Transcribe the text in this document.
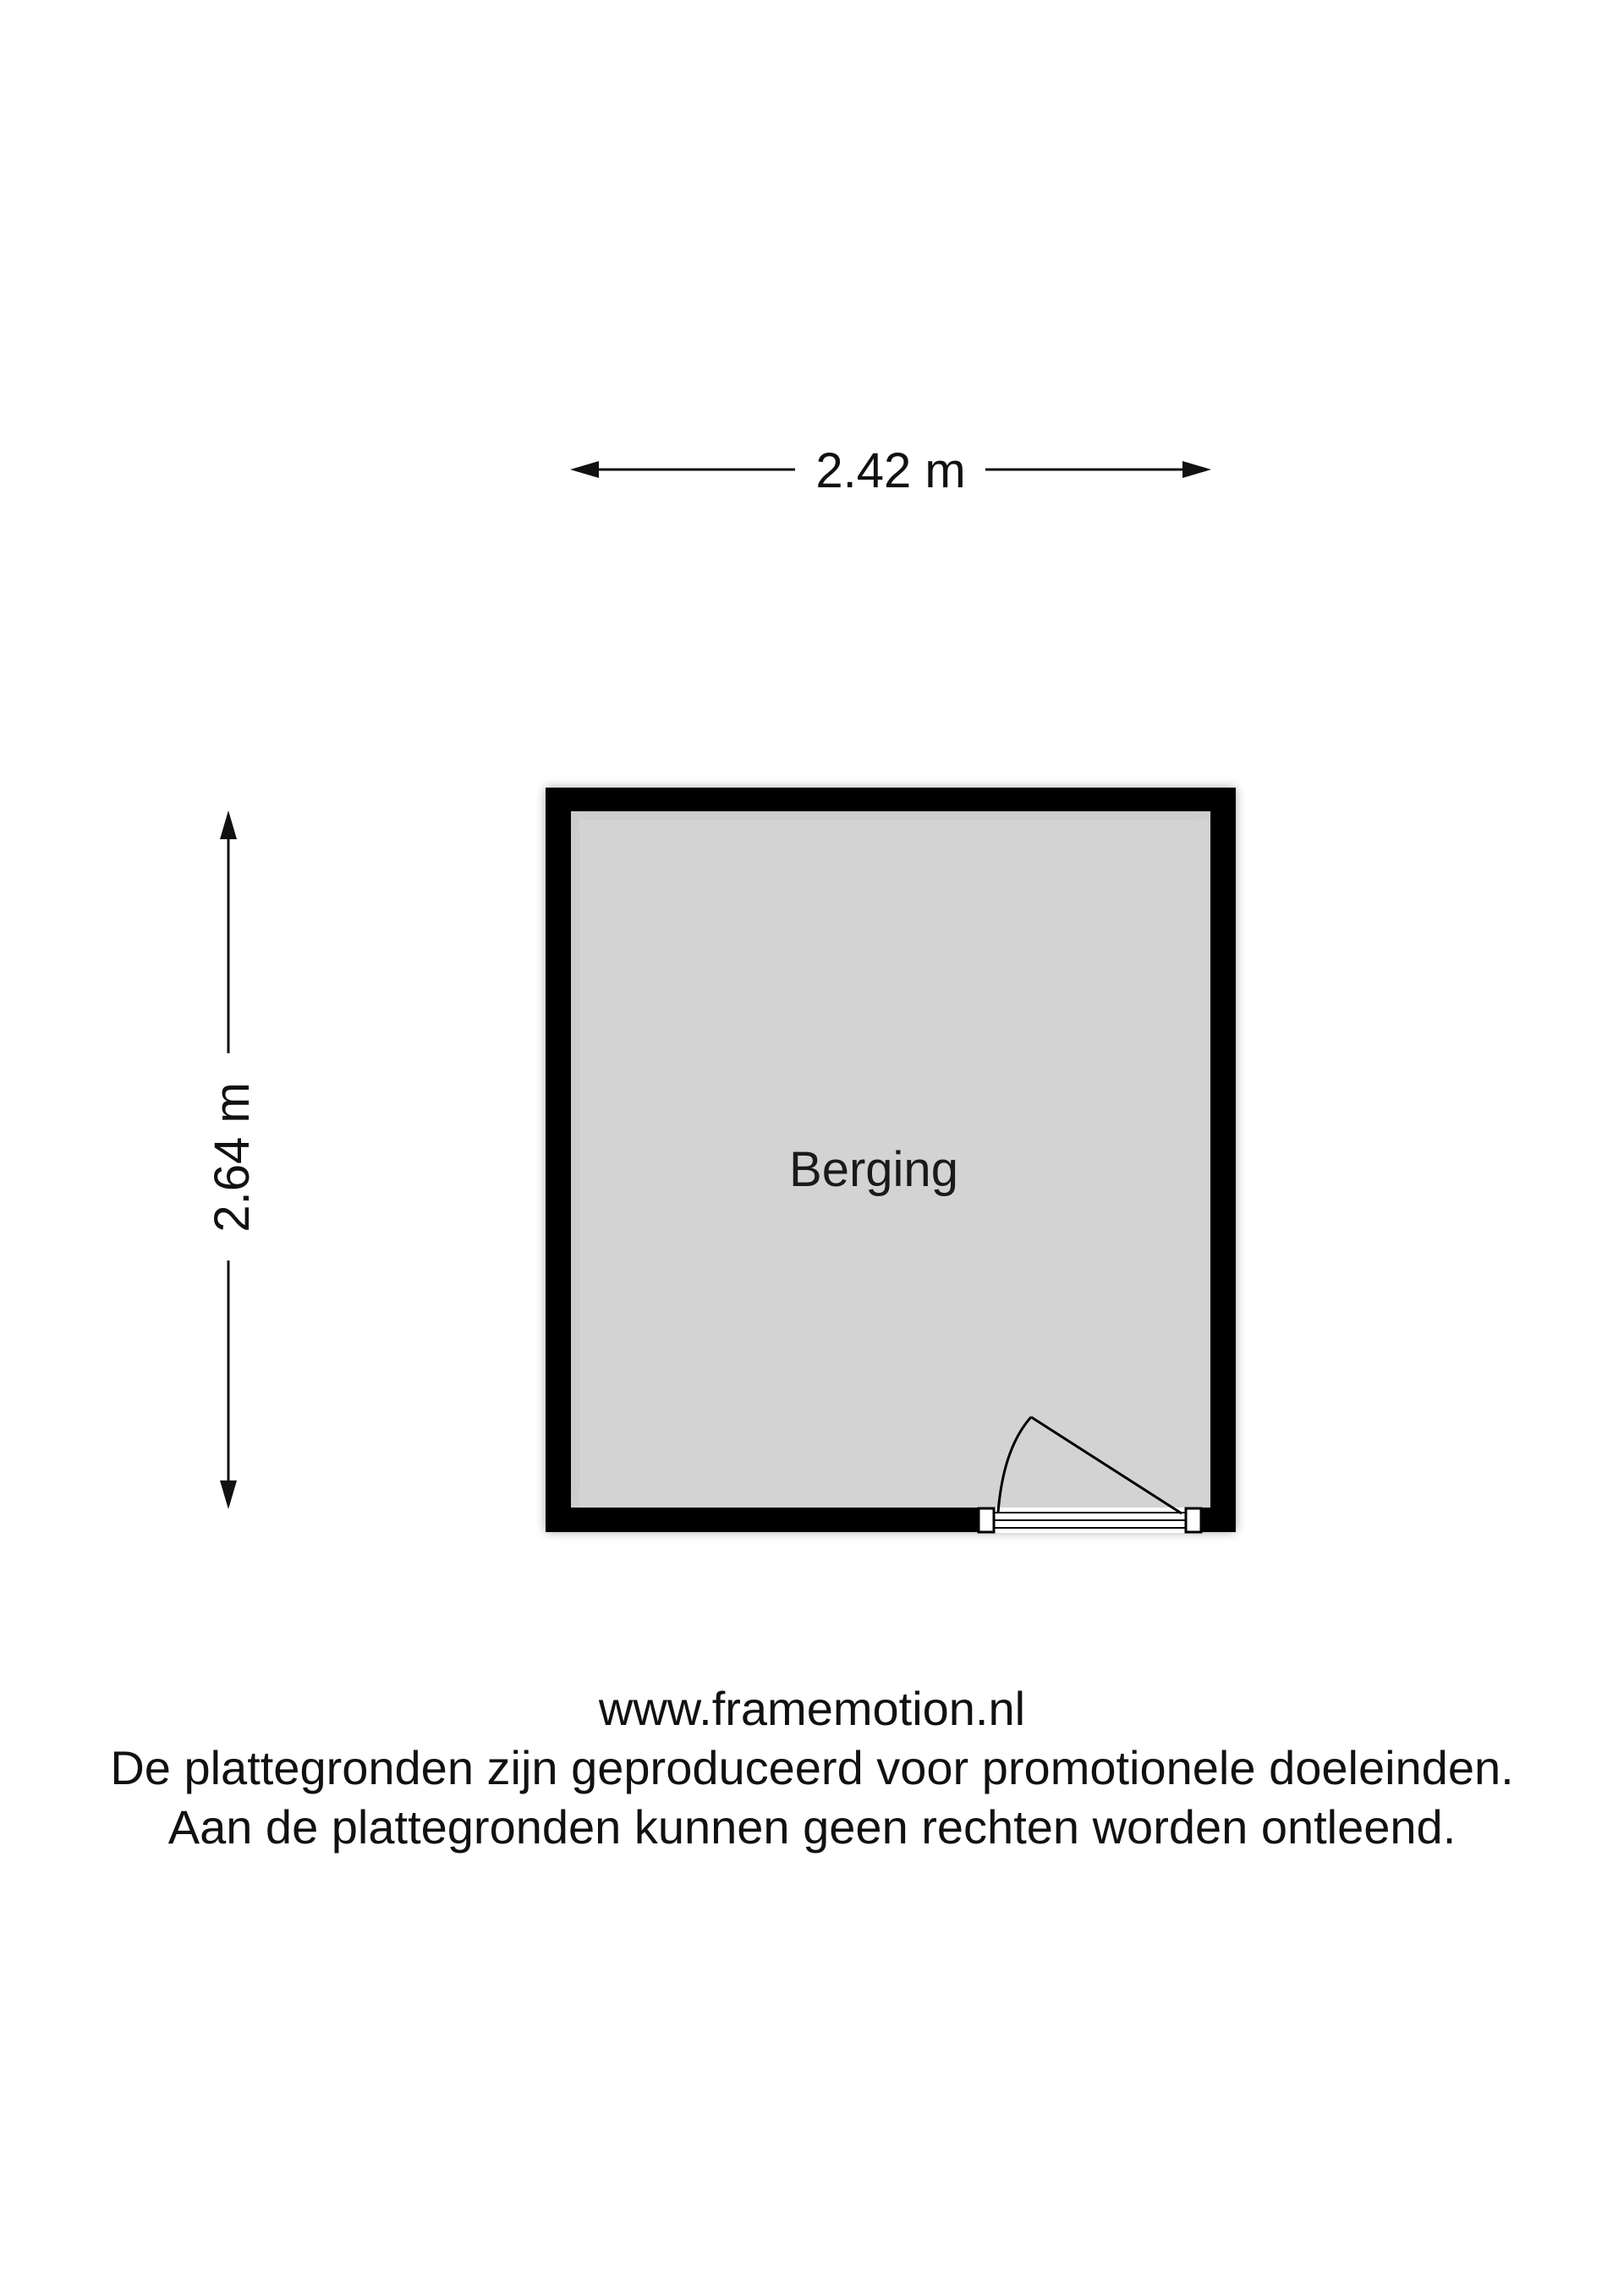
2.42 m
2.64 m	Berging
www.framemotion.nl
De plattegronden zijn geproduceerd voor promotionele doeleinden.
Aan de plattegronden kunnen geen rechten worden ontleend.
